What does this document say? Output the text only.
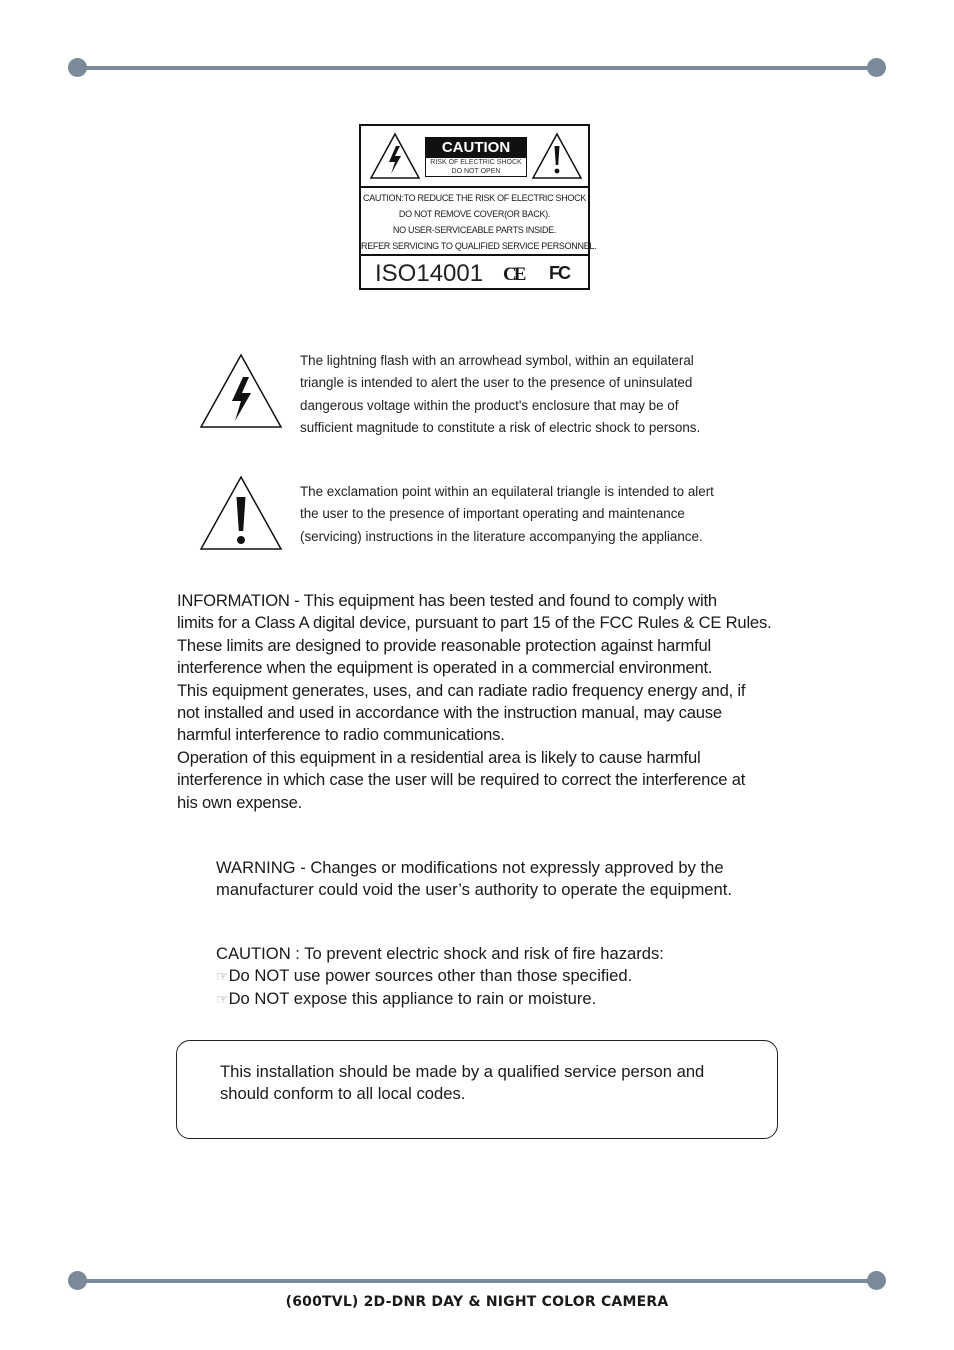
CAUTION
RISK OF ELECTRIC SHOCK
DO NOT OPEN
CAUTION:TO REDUCE THE RISK OF ELECTRIC SHOCK
DO NOT REMOVE COVER(OR BACK).
NO USER-SERVICEABLE PARTS INSIDE.
REFER SERVICING TO QUALIFIED SERVICE PERSONNEL.
ISO14001 CE FC
The lightning flash with an arrowhead symbol, within an equilateral
triangle is intended to alert the user to the presence of uninsulated
dangerous voltage within the product's enclosure that may be of
sufficient magnitude to constitute a risk of electric shock to persons.
The exclamation point within an equilateral triangle is intended to alert
the user to the presence of important operating and maintenance
(servicing) instructions in the literature accompanying the appliance.
INFORMATION - This equipment has been tested and found to comply with
limits for a Class A digital device, pursuant to part 15 of the FCC Rules & CE Rules.
These limits are designed to provide reasonable protection against harmful
interference when the equipment is operated in a commercial environment.
This equipment generates, uses, and can radiate radio frequency energy and, if
not installed and used in accordance with the instruction manual, may cause
harmful interference to radio communications.
Operation of this equipment in a residential area is likely to cause harmful
interference in which case the user will be required to correct the interference at
his own expense.
WARNING - Changes or modifications not expressly approved by the
manufacturer could void the user’s authority to operate the equipment.
CAUTION : To prevent electric shock and risk of fire hazards:
☞Do NOT use power sources other than those specified.
☞Do NOT expose this appliance to rain or moisture.
This installation should be made by a qualified service person and
should conform to all local codes.
(600TVL) 2D-DNR DAY & NIGHT COLOR CAMERA
